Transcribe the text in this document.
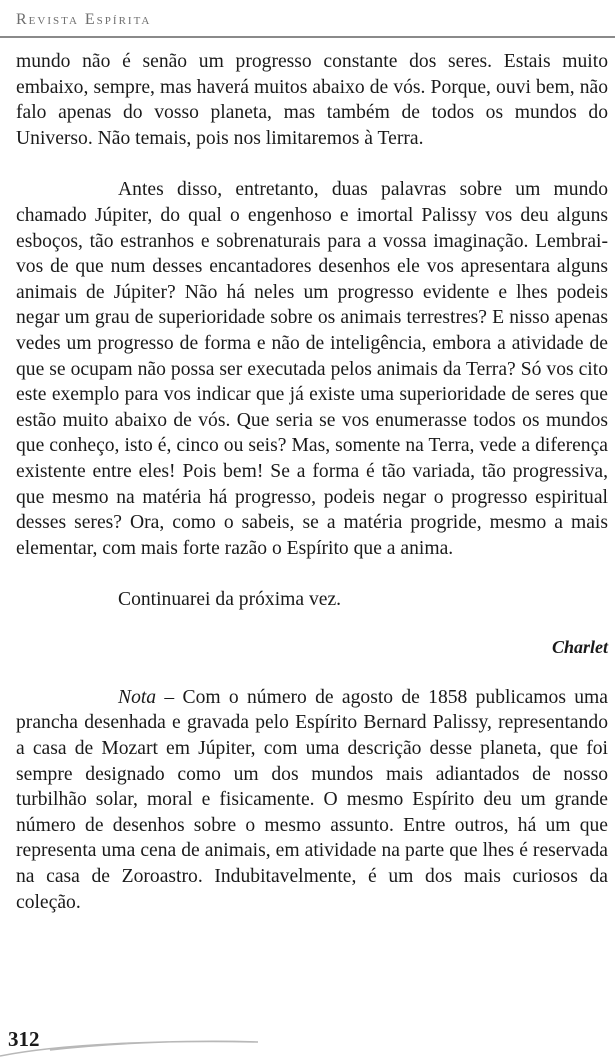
Revista Espírita

mundo não é senão um progresso constante dos seres. Estais muito embaixo, sempre, mas haverá muitos abaixo de vós. Porque, ouvi bem, não falo apenas do vosso planeta, mas também de todos os mundos do Universo. Não temais, pois nos limitaremos à Terra.

Antes disso, entretanto, duas palavras sobre um mundo chamado Júpiter, do qual o engenhoso e imortal Palissy vos deu alguns esboços, tão estranhos e sobrenaturais para a vossa imaginação. Lembrai-vos de que num desses encantadores desenhos ele vos apresentara alguns animais de Júpiter? Não há neles um progresso evidente e lhes podeis negar um grau de superioridade sobre os animais terrestres? E nisso apenas vedes um progresso de forma e não de inteligência, embora a atividade de que se ocupam não possa ser executada pelos animais da Terra? Só vos cito este exemplo para vos indicar que já existe uma superioridade de seres que estão muito abaixo de vós. Que seria se vos enumerasse todos os mundos que conheço, isto é, cinco ou seis? Mas, somente na Terra, vede a diferença existente entre eles! Pois bem! Se a forma é tão variada, tão progressiva, que mesmo na matéria há progresso, podeis negar o progresso espiritual desses seres? Ora, como o sabeis, se a matéria progride, mesmo a mais elementar, com mais forte razão o Espírito que a anima.

Continuarei da próxima vez.

Charlet

Nota – Com o número de agosto de 1858 publicamos uma prancha desenhada e gravada pelo Espírito Bernard Palissy, representando a casa de Mozart em Júpiter, com uma descrição desse planeta, que foi sempre designado como um dos mundos mais adiantados de nosso turbilhão solar, moral e fisicamente. O mesmo Espírito deu um grande número de desenhos sobre o mesmo assunto. Entre outros, há um que representa uma cena de animais, em atividade na parte que lhes é reservada na casa de Zoroastro. Indubitavelmente, é um dos mais curiosos da coleção.

312
